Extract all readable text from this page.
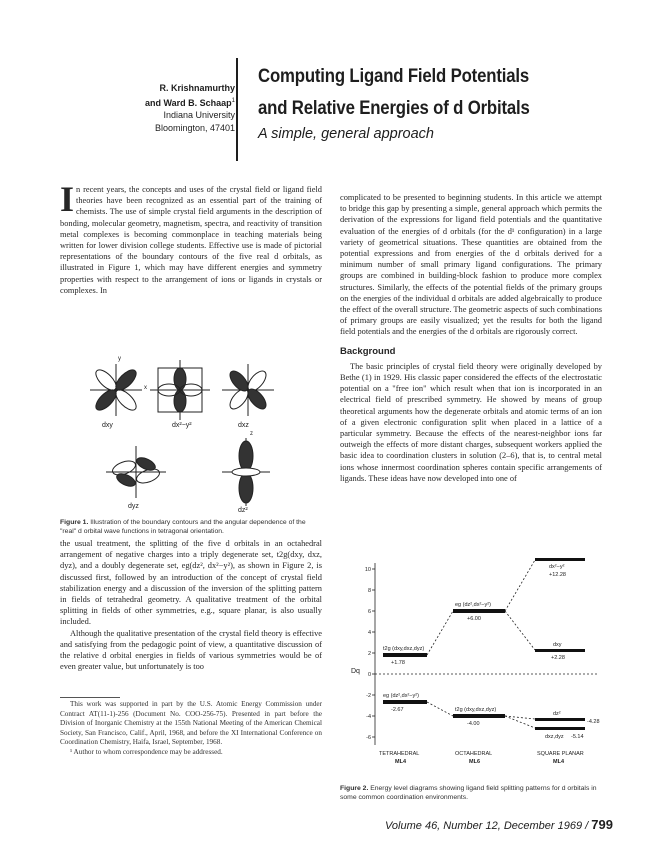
R. Krishnamurthy
and Ward B. Schaap$^1$
Indiana University
Bloomington, 47401
Computing Ligand Field Potentials
and Relative Energies of d Orbitals
A simple, general approach

In recent years, the concepts and uses of the crystal field or ligand field theories have been recognized as an essential part of the training of chemists. The use of simple crystal field arguments in the description of bonding, molecular geometry, magnetism, spectra, and reactivity of transition metal complexes is becoming commonplace in teaching materials being written for lower division college students. Effective use is made of pictorial representations of the boundary contours of the five real d orbitals, as illustrated in Figure 1, which may have different energies and symmetry properties with respect to the arrangement of ions or ligands in crystals or complexes. In

dxy	dx²−y²	dxz
dyz
dz²
x
y
z
Figure 1. Illustration of the boundary contours and the angular dependence of the "real" d orbital wave functions in tetragonal orientation.

the usual treatment, the splitting of the five d orbitals in an octahedral arrangement of negative charges into a triply degenerate set, t2g(dxy, dxz, dyz), and a doubly degenerate set, eg(dz², dx²−y²), as shown in Figure 2, is discussed first, followed by an introduction of the concept of crystal field stabilization energy and a discussion of the inversion of the splitting pattern in fields of tetrahedral geometry. A qualitative treatment of the orbital splitting in fields of other symmetries, e.g., square planar, is also usually included.

Although the qualitative presentation of the crystal field theory is effective and satisfying from the pedagogic point of view, a quantitative discussion of the relative d orbital energies in fields of various symmetries would be of even greater value, but unfortunately is too

This work was supported in part by the U.S. Atomic Energy Commission under Contract AT(11-1)-256 (Document No. COO-256-75). Presented in part before the Division of Inorganic Chemistry at the 155th National Meeting of the American Chemical Society, San Francisco, Calif., April, 1968, and before the XI International Conference on Coordination Chemistry, Haifa, Israel, September, 1968.

¹ Author to whom correspondence may be addressed.

complicated to be presented to beginning students. In this article we attempt to bridge this gap by presenting a simple, general approach which permits the derivation of the expressions for ligand field potentials and the quantitative evaluation of the energies of d orbitals (for the d¹ configuration) in a large variety of geometrical situations. These quantities are obtained from the potential expressions and from energies of the d orbitals derived for a minimum number of small primary ligand configurations. The primary groups are combined in building-block fashion to produce more complex structures. Similarly, the effects of the potential fields of the primary groups on the energies of the individual d orbitals are added algebraically to produce the effect of the overall structure. The geometric aspects of such combinations of primary groups are easily visualized; yet the results for both the ligand field potentials and the energies of the d orbitals are rigorously correct.

Background

The basic principles of crystal field theory were originally developed by Bethe (1) in 1929. His classic paper considered the effects of the electrostatic potential on a "free ion" which result when that ion is incorporated in an electrical field of prescribed symmetry. He showed by means of group theoretical arguments how the degenerate orbitals and atomic terms of an ion of a given electronic configuration split when placed in a lattice of a particular symmetry. Because the effects of the nearest-neighbor ions far outweigh the effects of more distant charges, subsequent workers applied the basic idea to coordination clusters in solution (2–6), that is, to central metal ions whose innermost coordination spheres contain specific arrangements of ligands. These ideas have now developed into one of

10
8
6
4
2
0
-2
-4
-6
Dq
t2g (dxy,dxz,dyz)
+1.78
eg (dz²,dx²−y²)
-2.67
TETRAHEDRAL
ML4
eg (dz²,dx²−y²)
+6.00
t2g (dxy,dxz,dyz)
-4.00
OCTAHEDRAL
ML6
dx²−y²
+12.28
dxy
+2.28
dz²
-4.28
dxz,dyz -5.14
SQUARE PLANAR
ML4
Figure 2. Energy level diagrams showing ligand field splitting patterns for d orbitals in some common coordination environments.
Volume 46, Number 12, December 1969 / 799
